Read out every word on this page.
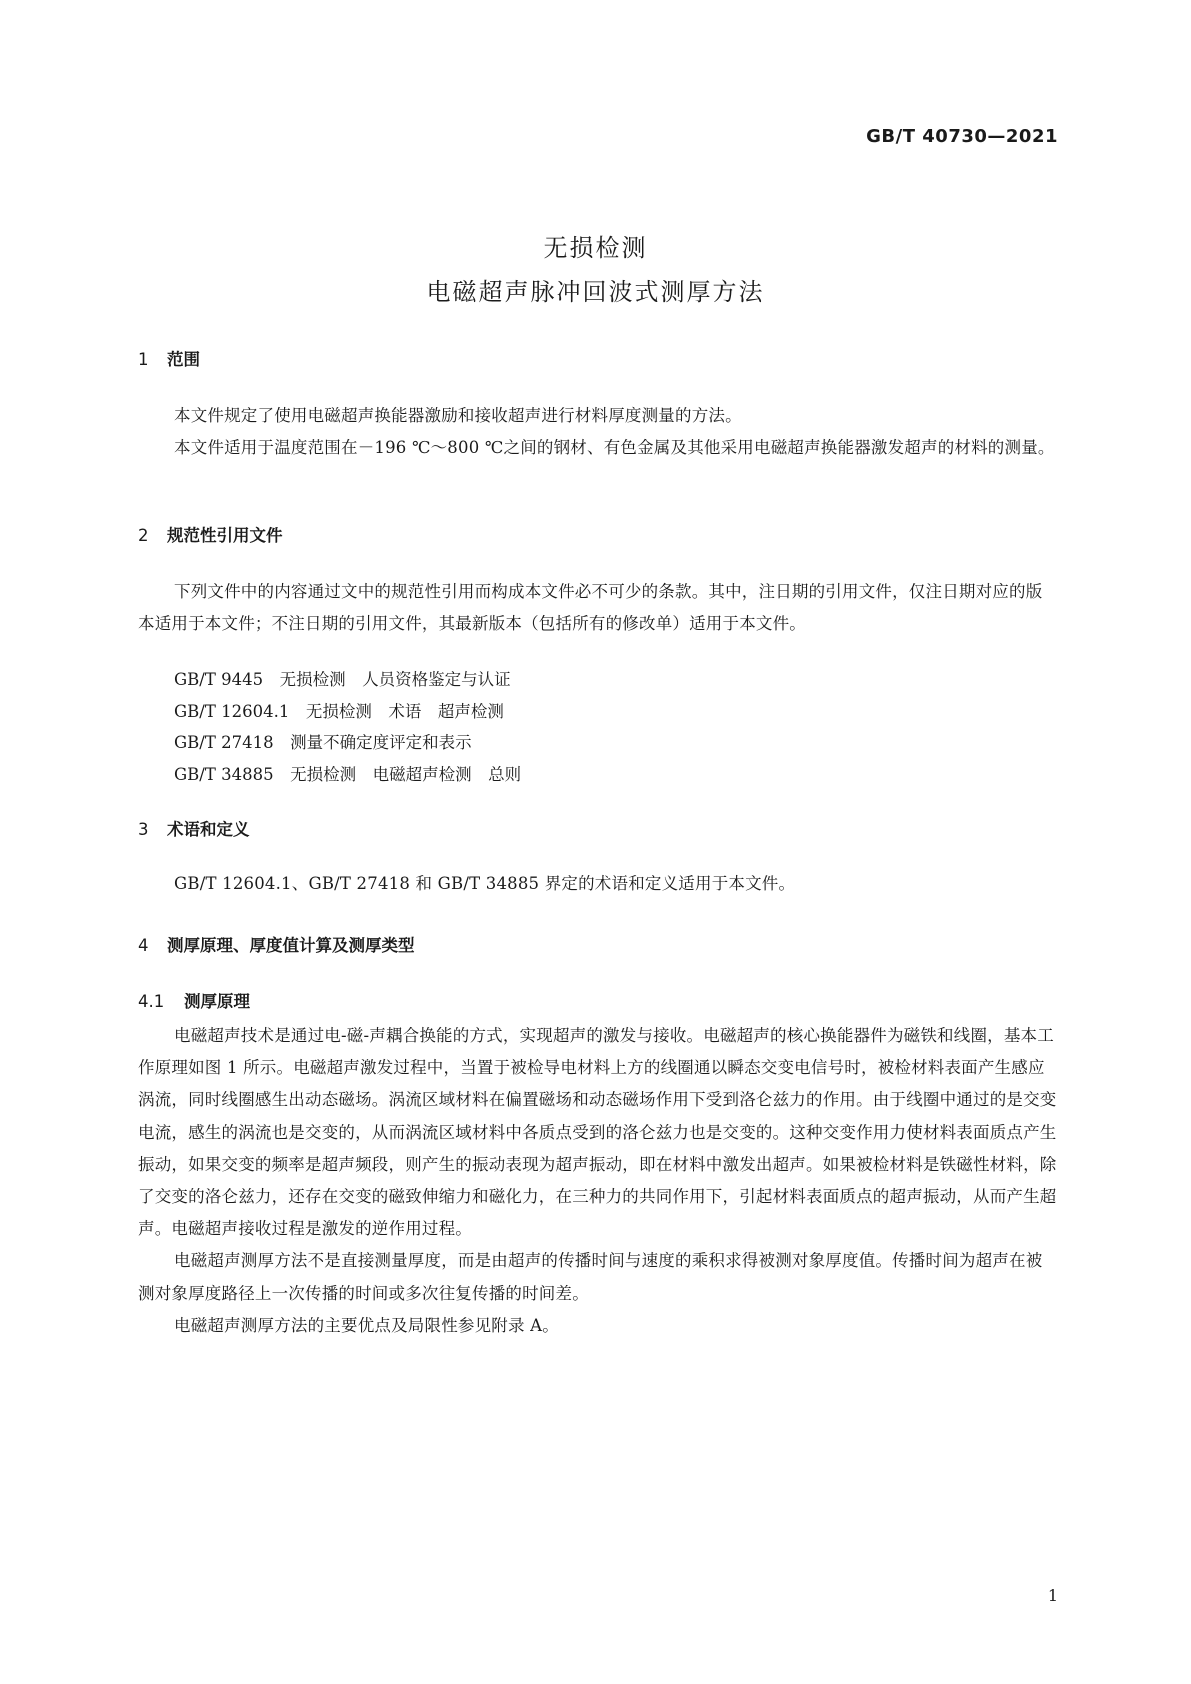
GB/T 40730—2021
无损检测
电磁超声脉冲回波式测厚方法
1 范围

本文件规定了使用电磁超声换能器激励和接收超声进行材料厚度测量的方法。

本文件适用于温度范围在－196 ℃～800 ℃之间的钢材、有色金属及其他采用电磁超声换能器激发超声的材料的测量。

2 规范性引用文件

下列文件中的内容通过文中的规范性引用而构成本文件必不可少的条款。其中，注日期的引用文件，仅注日期对应的版本适用于本文件；不注日期的引用文件，其最新版本（包括所有的修改单）适用于本文件。

GB/T 9445　无损检测　人员资格鉴定与认证
GB/T 12604.1　无损检测　术语　超声检测
GB/T 27418　测量不确定度评定和表示
GB/T 34885　无损检测　电磁超声检测　总则
3 术语和定义

GB/T 12604.1、GB/T 27418 和 GB/T 34885 界定的术语和定义适用于本文件。

4 测厚原理、厚度值计算及测厚类型
4.1 测厚原理

电磁超声技术是通过电-磁-声耦合换能的方式，实现超声的激发与接收。电磁超声的核心换能器件为磁铁和线圈，基本工作原理如图 1 所示。电磁超声激发过程中，当置于被检导电材料上方的线圈通以瞬态交变电信号时，被检材料表面产生感应涡流，同时线圈感生出动态磁场。涡流区域材料在偏置磁场和动态磁场作用下受到洛仑兹力的作用。由于线圈中通过的是交变电流，感生的涡流也是交变的，从而涡流区域材料中各质点受到的洛仑兹力也是交变的。这种交变作用力使材料表面质点产生振动，如果交变的频率是超声频段，则产生的振动表现为超声振动，即在材料中激发出超声。如果被检材料是铁磁性材料，除了交变的洛仑兹力，还存在交变的磁致伸缩力和磁化力，在三种力的共同作用下，引起材料表面质点的超声振动，从而产生超声。电磁超声接收过程是激发的逆作用过程。

电磁超声测厚方法不是直接测量厚度，而是由超声的传播时间与速度的乘积求得被测对象厚度值。传播时间为超声在被测对象厚度路径上一次传播的时间或多次往复传播的时间差。

电磁超声测厚方法的主要优点及局限性参见附录 A。

1
